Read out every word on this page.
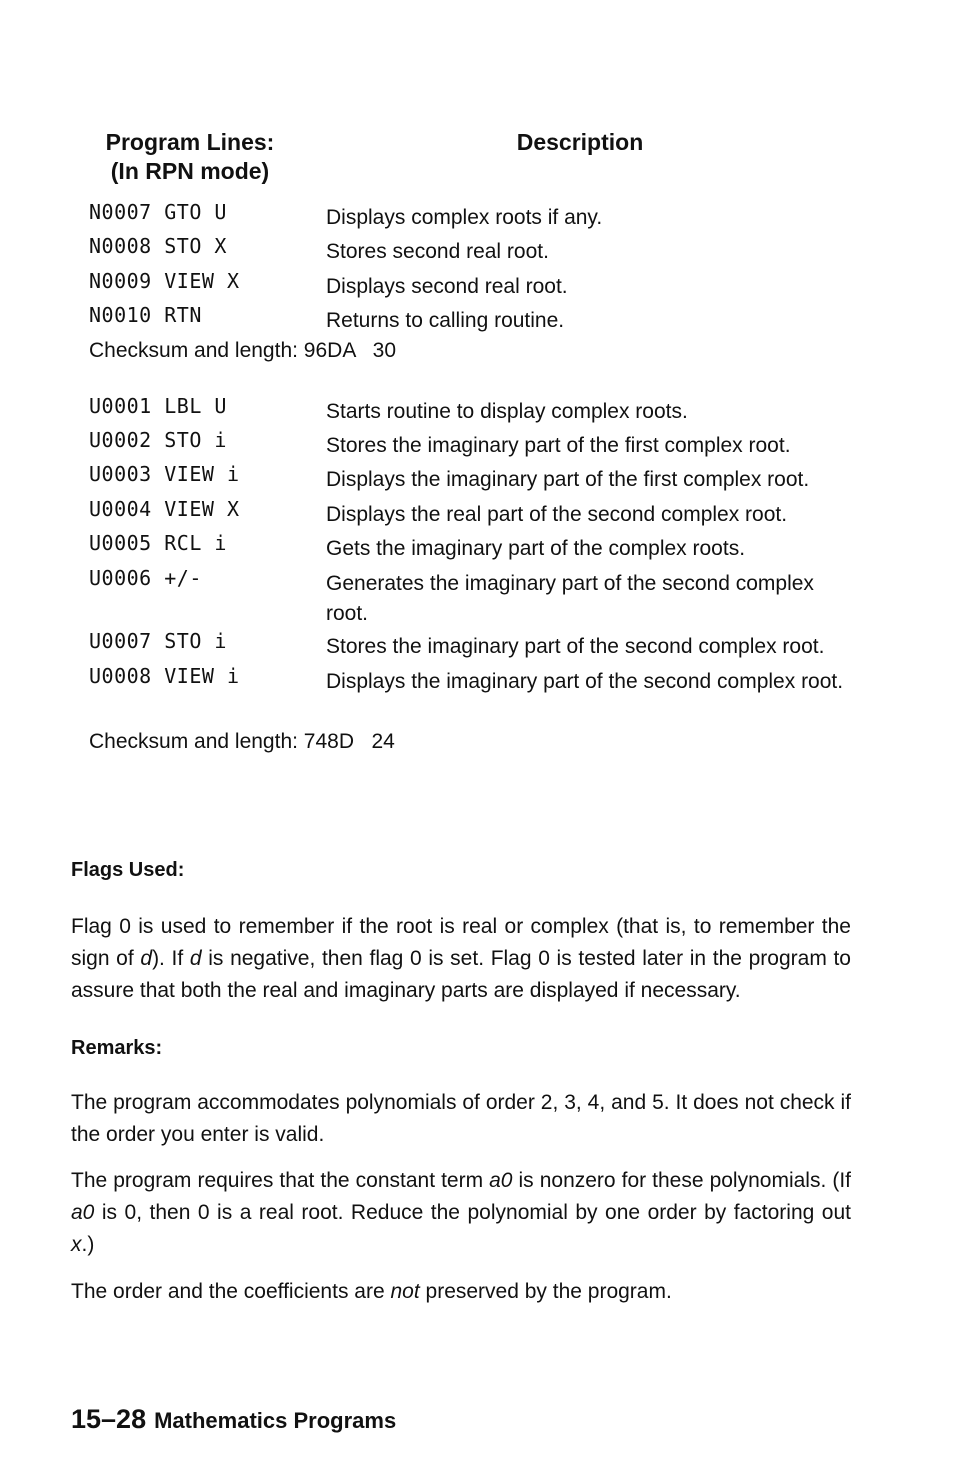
Program Lines:
(In RPN mode)
Description
N0007 GTO U	Displays complex roots if any.
N0008 STO X	Stores second real root.
N0009 VIEW X	Displays second real root.
N0010 RTN	Returns to calling routine.
Checksum and length: 96DA   30
U0001 LBL U	Starts routine to display complex roots.
U0002 STO i	Stores the imaginary part of the first complex root.
U0003 VIEW i	Displays the imaginary part of the first complex root.
U0004 VIEW X	Displays the real part of the second complex root.
U0005 RCL i	Gets the imaginary part of the complex roots.
U0006 +/-	Generates the imaginary part of the second complex root.
U0007 STO i	Stores the imaginary part of the second complex root.
U0008 VIEW i	Displays the imaginary part of the second complex root.
Checksum and length: 748D   24
Flags Used:
Flag 0 is used to remember if the root is real or complex (that is, to remember the sign of d). If d is negative, then flag 0 is set. Flag 0 is tested later in the program to assure that both the real and imaginary parts are displayed if necessary.
Remarks:
The program accommodates polynomials of order 2, 3, 4, and 5. It does not check if the order you enter is valid.
The program requires that the constant term a0 is nonzero for these polynomials. (If a0 is 0, then 0 is a real root. Reduce the polynomial by one order by factoring out x.)
The order and the coefficients are not preserved by the program.
15–28 Mathematics Programs
